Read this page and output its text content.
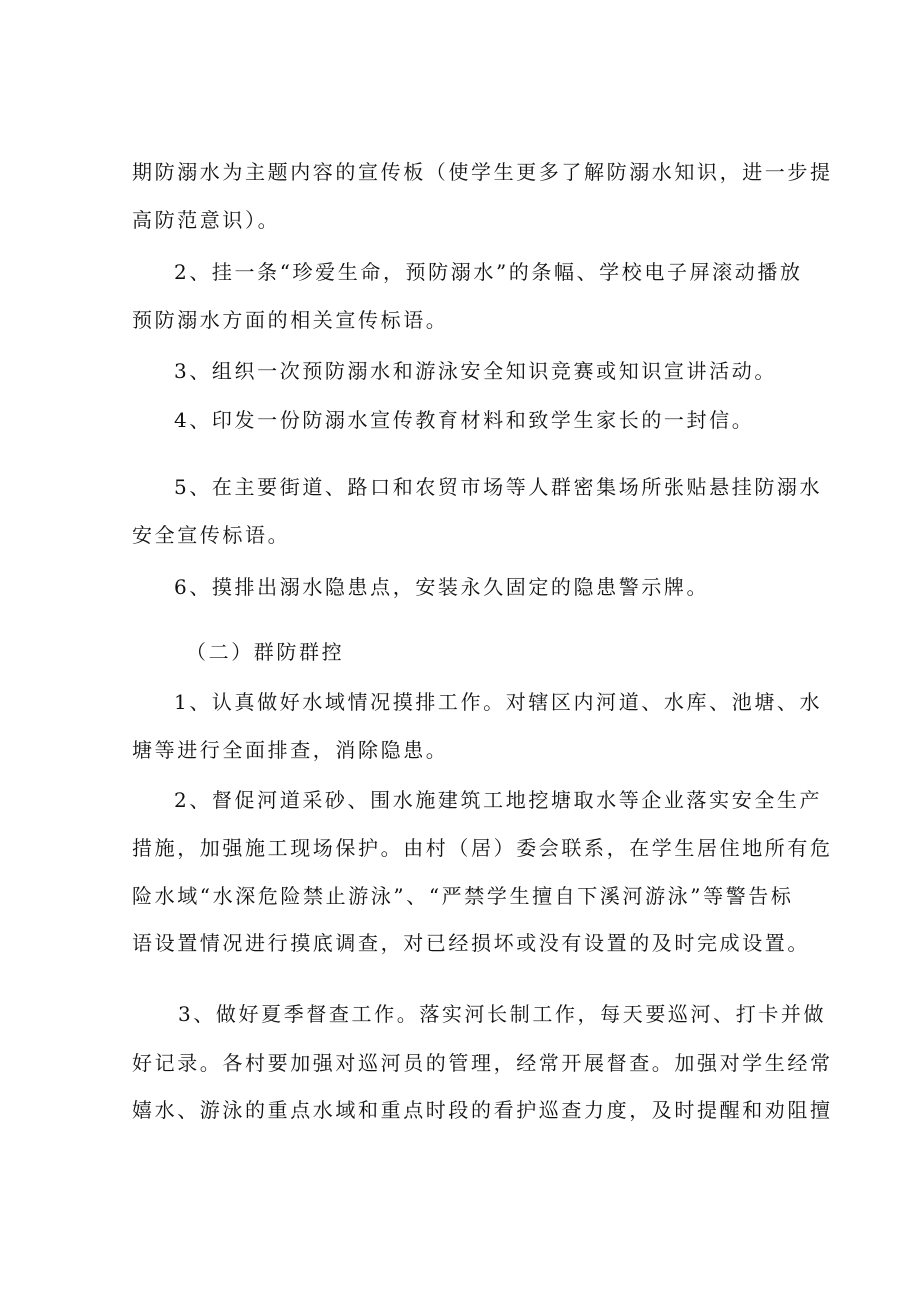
期防溺水为主题内容的宣传板（使学生更多了解防溺水知识，进一步提
高防范意识）。
2、挂一条“珍爱生命，预防溺水”的条幅、学校电子屏滚动播放
预防溺水方面的相关宣传标语。
3、组织一次预防溺水和游泳安全知识竞赛或知识宣讲活动。
4、印发一份防溺水宣传教育材料和致学生家长的一封信。
5、在主要街道、路口和农贸市场等人群密集场所张贴悬挂防溺水
安全宣传标语。
6、摸排出溺水隐患点，安装永久固定的隐患警示牌。
（二）群防群控
1、认真做好水域情况摸排工作。对辖区内河道、水库、池塘、水
塘等进行全面排查，消除隐患。
2、督促河道采砂、围水施建筑工地挖塘取水等企业落实安全生产
措施，加强施工现场保护。由村（居）委会联系，在学生居住地所有危
险水域“水深危险禁止游泳”、“严禁学生擅自下溪河游泳”等警告标
语设置情况进行摸底调查，对已经损坏或没有设置的及时完成设置。
3、做好夏季督查工作。落实河长制工作，每天要巡河、打卡并做
好记录。各村要加强对巡河员的管理，经常开展督查。加强对学生经常
嬉水、游泳的重点水域和重点时段的看护巡查力度，及时提醒和劝阻擅
